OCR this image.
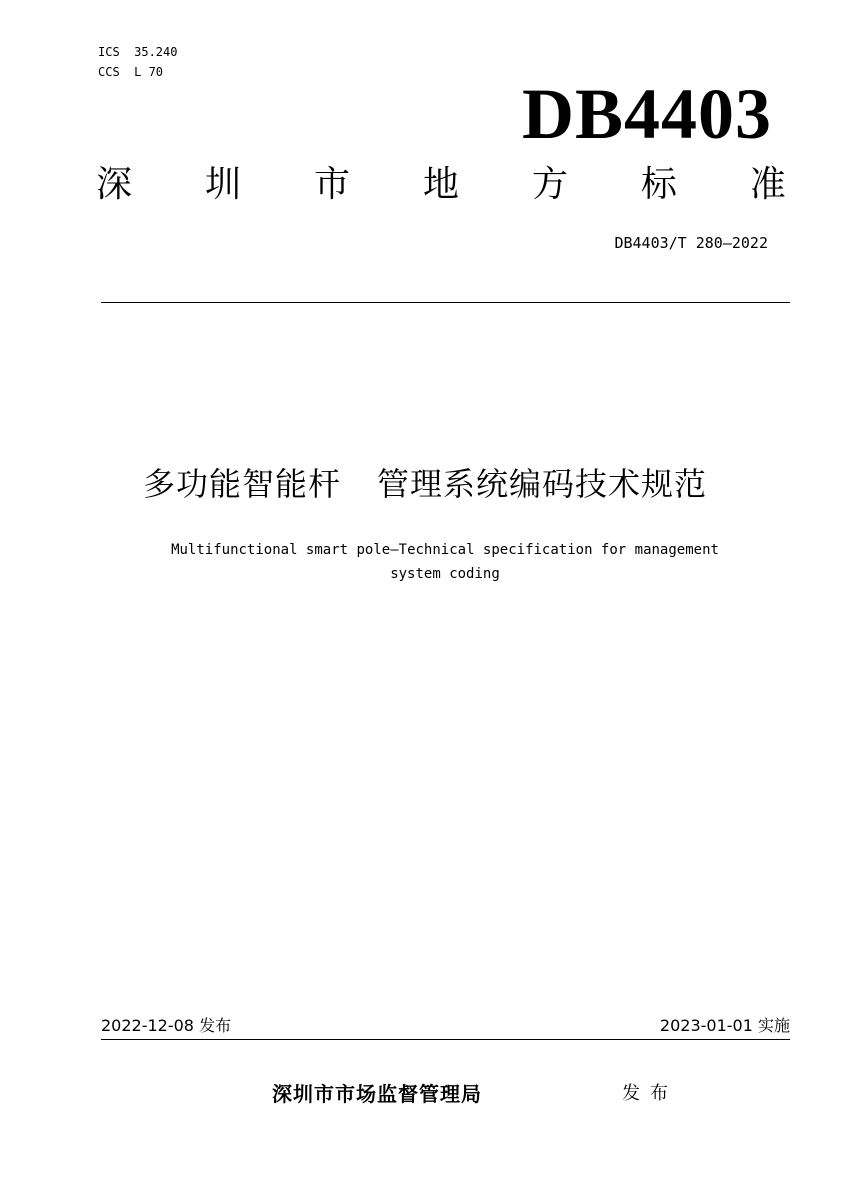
ICS  35.240
CCS  L 70
DB4403
深 圳 市 地 方 标 准
DB4403/T 280—2022
多功能智能杆 管理系统编码技术规范
Multifunctional smart pole—Technical specification for management
system coding
2022-12-08 发布	2023-01-01 实施
深圳市市场监督管理局	发布
